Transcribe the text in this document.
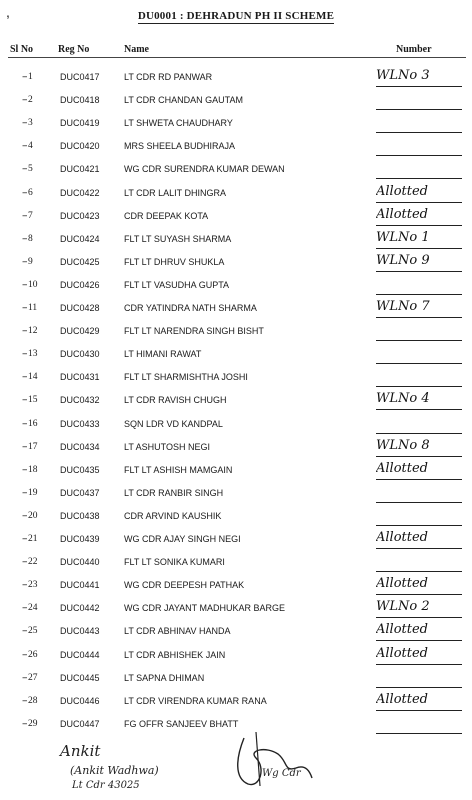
,	DU0001 : DEHRADUN PH II SCHEME
Sl No Reg No	Name	Number
– 1	DUC0417	LT CDR RD PANWAR	WLNo 3
– 2	DUC0418	LT CDR CHANDAN GAUTAM
– 3	DUC0419	LT SHWETA CHAUDHARY
– 4	DUC0420	MRS SHEELA BUDHIRAJA
– 5	DUC0421	WG CDR SURENDRA KUMAR DEWAN
– 6	DUC0422	LT CDR LALIT DHINGRA	Allotted
– 7	DUC0423	CDR DEEPAK KOTA	Allotted
– 8	DUC0424	FLT LT SUYASH SHARMA	WLNo 1
– 9	DUC0425	FLT LT DHRUV SHUKLA	WLNo 9
– 10	DUC0426	FLT LT VASUDHA GUPTA
– 11	DUC0428	CDR YATINDRA NATH SHARMA	WLNo 7
– 12	DUC0429	FLT LT NARENDRA SINGH BISHT
– 13	DUC0430	LT HIMANI RAWAT
– 14	DUC0431	FLT LT SHARMISHTHA JOSHI
– 15	DUC0432	LT CDR RAVISH CHUGH	WLNo 4
– 16	DUC0433	SQN LDR VD KANDPAL
– 17	DUC0434	LT ASHUTOSH NEGI	WLNo 8
– 18	DUC0435	FLT LT ASHISH MAMGAIN	Allotted
– 19	DUC0437	LT CDR RANBIR SINGH
– 20	DUC0438	CDR ARVIND KAUSHIK
– 21	DUC0439	WG CDR AJAY SINGH NEGI	Allotted
– 22	DUC0440	FLT LT SONIKA KUMARI
– 23	DUC0441	WG CDR DEEPESH PATHAK	Allotted
– 24	DUC0442	WG CDR JAYANT MADHUKAR BARGE	WLNo 2
– 25	DUC0443	LT CDR ABHINAV HANDA	Allotted
– 26	DUC0444	LT CDR ABHISHEK JAIN	Allotted
– 27	DUC0445	LT SAPNA DHIMAN
– 28	DUC0446	LT CDR VIRENDRA KUMAR RANA	Allotted
– 29	DUC0447	FG OFFR SANJEEV BHATT
Ankit
(Ankit Wadhwa)
Lt Cdr 43025
Wg Cdr
